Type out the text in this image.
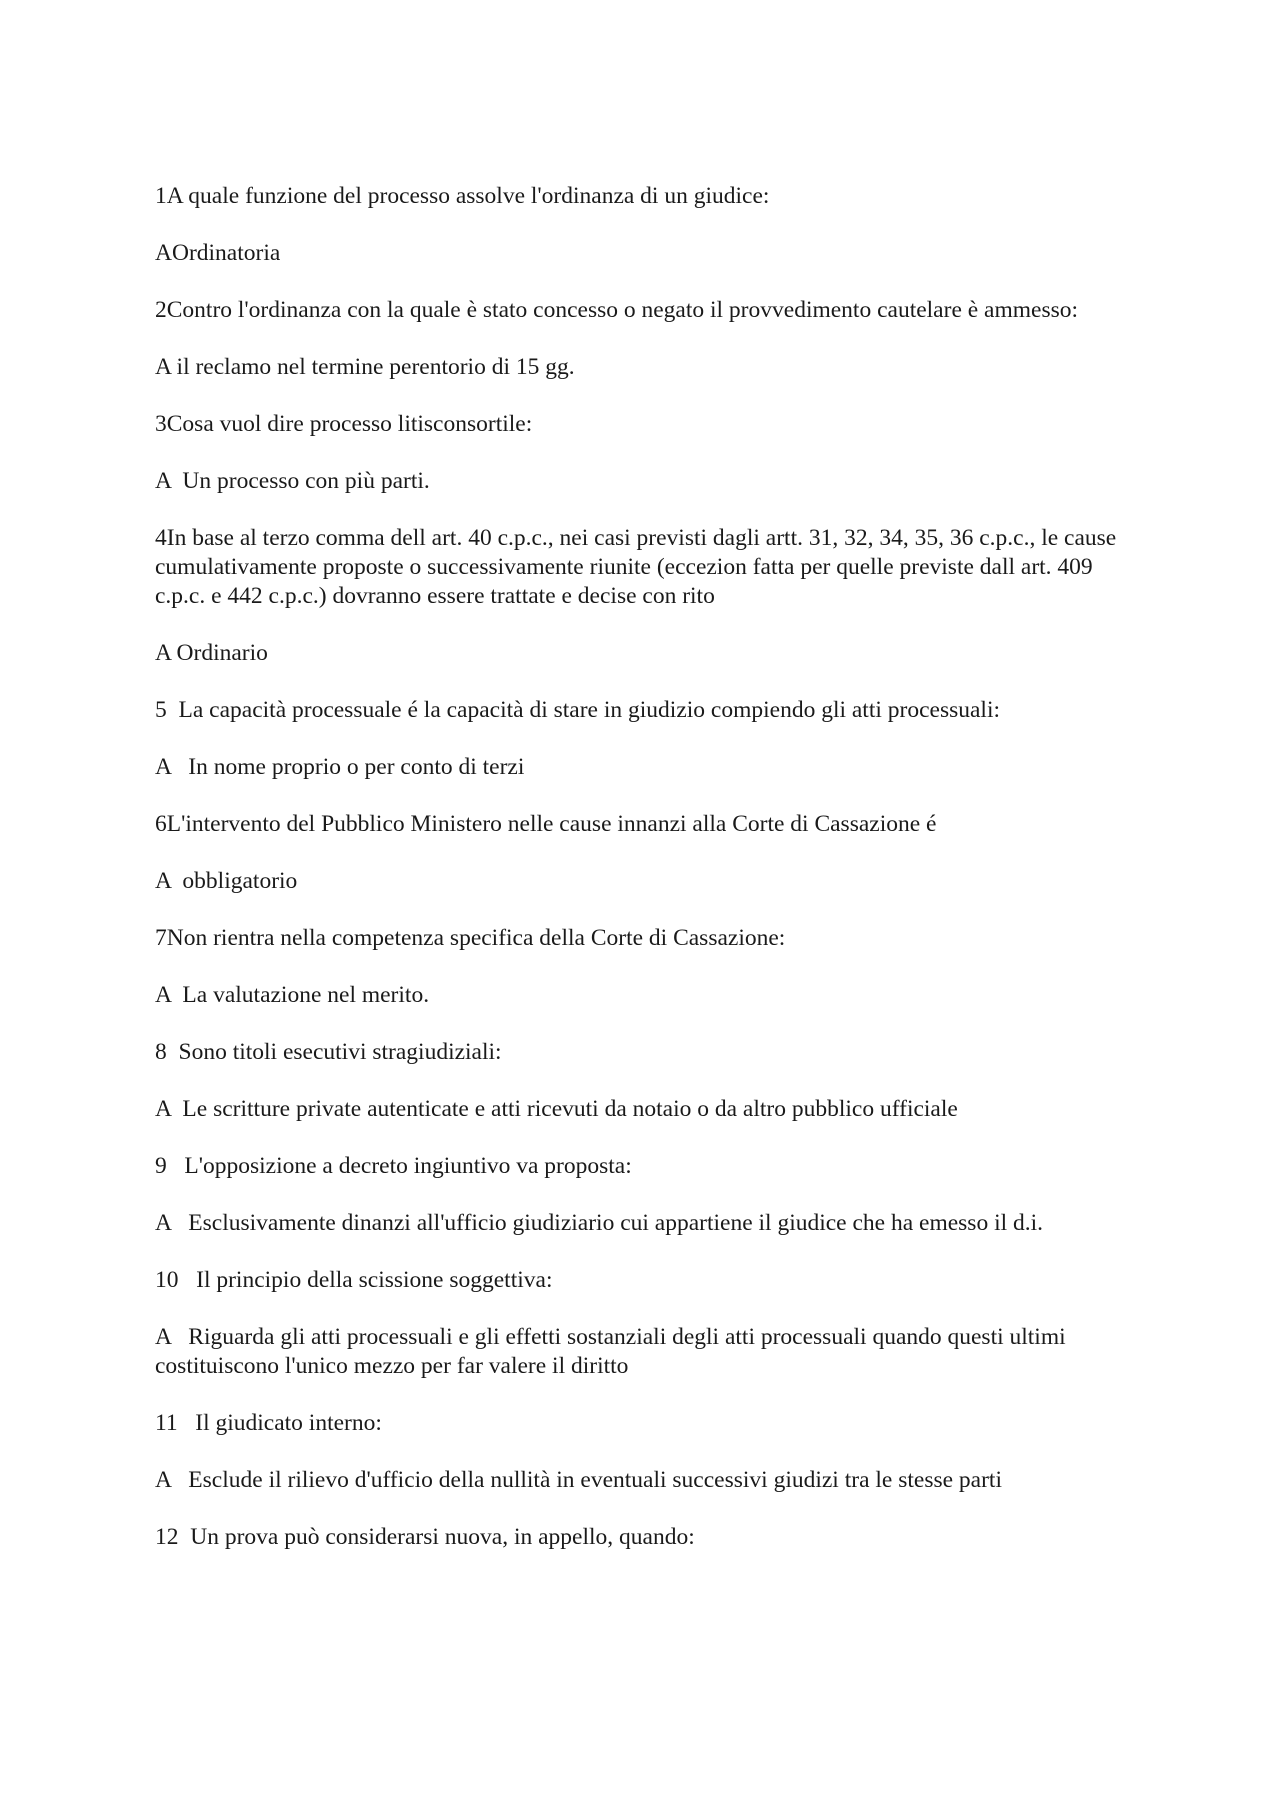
1A quale funzione del processo assolve l'ordinanza di un giudice:

AOrdinatoria

2Contro l'ordinanza con la quale è stato concesso o negato il provvedimento cautelare è ammesso:

A il reclamo nel termine perentorio di 15 gg.

3Cosa vuol dire processo litisconsortile:

A  Un processo con più parti.

4In base al terzo comma dell art. 40 c.p.c., nei casi previsti dagli artt. 31, 32, 34, 35, 36 c.p.c., le cause cumulativamente proposte o successivamente riunite (eccezion fatta per quelle previste dall art. 409 c.p.c. e 442 c.p.c.) dovranno essere trattate e decise con rito

A Ordinario

5  La capacità processuale é la capacità di stare in giudizio compiendo gli atti processuali:

A   In nome proprio o per conto di terzi

6L'intervento del Pubblico Ministero nelle cause innanzi alla Corte di Cassazione é

A  obbligatorio

7Non rientra nella competenza specifica della Corte di Cassazione:

A  La valutazione nel merito.

8  Sono titoli esecutivi stragiudiziali:

A  Le scritture private autenticate e atti ricevuti da notaio o da altro pubblico ufficiale

9   L'opposizione a decreto ingiuntivo va proposta:

A   Esclusivamente dinanzi all'ufficio giudiziario cui appartiene il giudice che ha emesso il d.i.

10   Il principio della scissione soggettiva:

A   Riguarda gli atti processuali e gli effetti sostanziali degli atti processuali quando questi ultimi costituiscono l'unico mezzo per far valere il diritto

11   Il giudicato interno:

A   Esclude il rilievo d'ufficio della nullità in eventuali successivi giudizi tra le stesse parti

12  Un prova può considerarsi nuova, in appello, quando:
